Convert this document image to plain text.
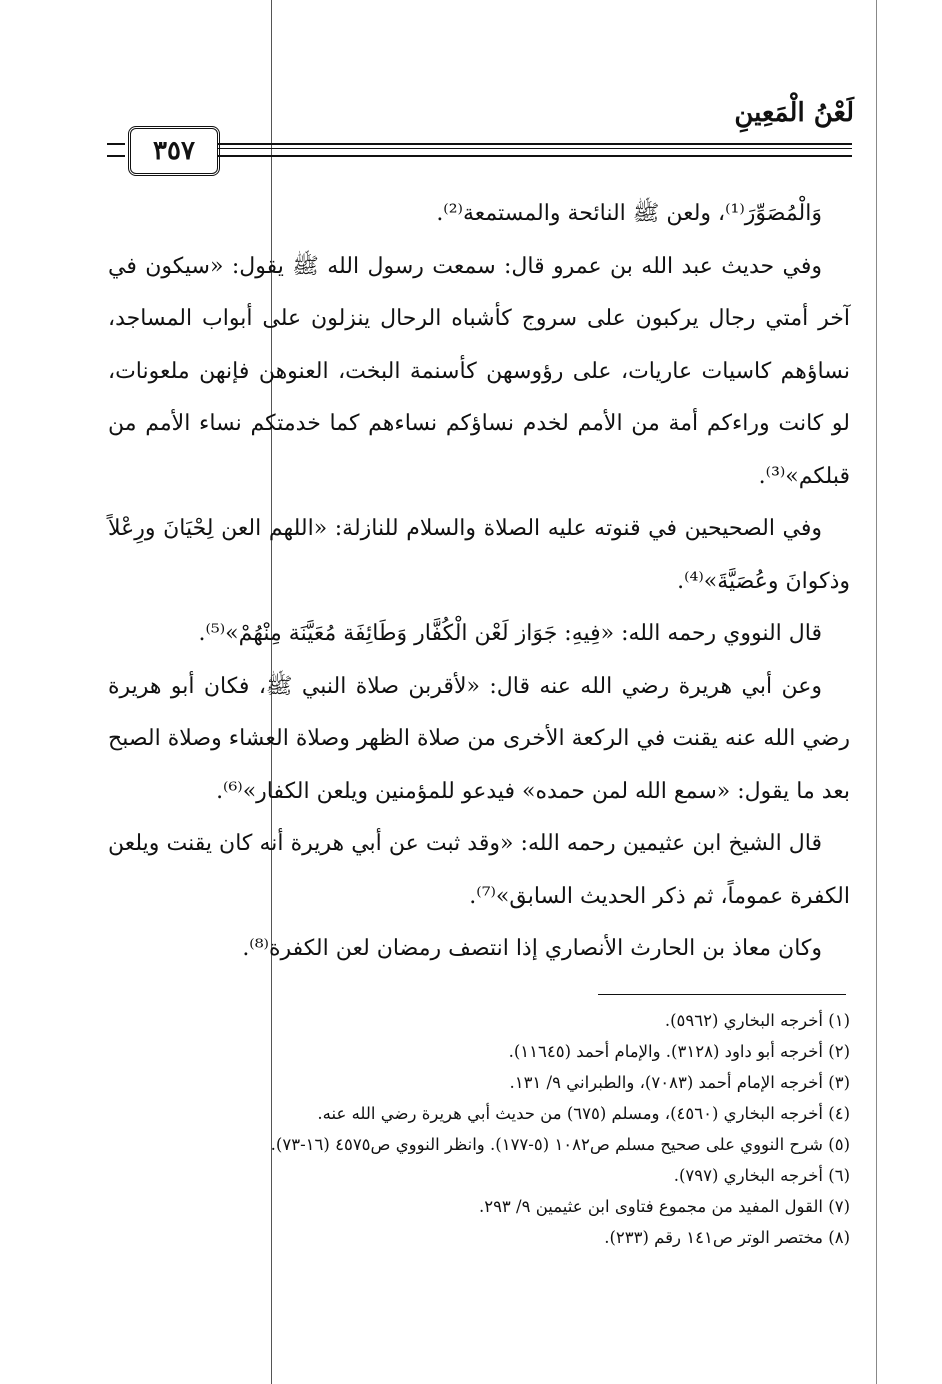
لَعْنُ الْمَعِينِ
٣٥٧

وَالْمُصَوِّرَ⁽¹⁾، ولعن ﷺ النائحة والمستمعة⁽²⁾.

وفي حديث عبد الله بن عمرو قال: سمعت رسول الله ﷺ يقول: «سيكون في آخر أمتي رجال يركبون على سروج كأشباه الرحال ينزلون على أبواب المساجد، نساؤهم كاسيات عاريات، على رؤوسهن كأسنمة البخت، العنوهن فإنهن ملعونات، لو كانت وراءكم أمة من الأمم لخدم نساؤكم نساءهم كما خدمتكم نساء الأمم من قبلكم»⁽³⁾.

وفي الصحيحين في قنوته عليه الصلاة والسلام للنازلة: «اللهم العن لِحْيَانَ ورِعْلاً وذكوانَ وعُصَيَّةَ»⁽⁴⁾.

قال النووي رحمه الله: «فِيهِ: جَوَاز لَعْن الْكُفَّار وَطَائِفَة مُعَيَّنَة مِنْهُمْ»⁽⁵⁾.

وعن أبي هريرة رضي الله عنه قال: «لأقربن صلاة النبي ﷺ، فكان أبو هريرة رضي الله عنه يقنت في الركعة الأخرى من صلاة الظهر وصلاة العشاء وصلاة الصبح بعد ما يقول: «سمع الله لمن حمده» فيدعو للمؤمنين ويلعن الكفار»⁽⁶⁾.

قال الشيخ ابن عثيمين رحمه الله: «وقد ثبت عن أبي هريرة أنه كان يقنت ويلعن الكفرة عموماً، ثم ذكر الحديث السابق»⁽⁷⁾.

وكان معاذ بن الحارث الأنصاري إذا انتصف رمضان لعن الكفرة⁽⁸⁾.

(١) أخرجه البخاري (٥٩٦٢).
(٢) أخرجه أبو داود (٣١٢٨). والإمام أحمد (١١٦٤٥).
(٣) أخرجه الإمام أحمد (٧٠٨٣)، والطبراني ٩/ ١٣١.
(٤) أخرجه البخاري (٤٥٦٠)، ومسلم (٦٧٥) من حديث أبي هريرة رضي الله عنه.
(٥) شرح النووي على صحيح مسلم ص١٠٨٢ (٥-١٧٧). وانظر النووي ص٤٥٧٥ (١٦-٧٣).
(٦) أخرجه البخاري (٧٩٧).
(٧) القول المفيد من مجموع فتاوى ابن عثيمين ٩/ ٢٩٣.
(٨) مختصر الوتر ص١٤١ رقم (٢٣٣).
